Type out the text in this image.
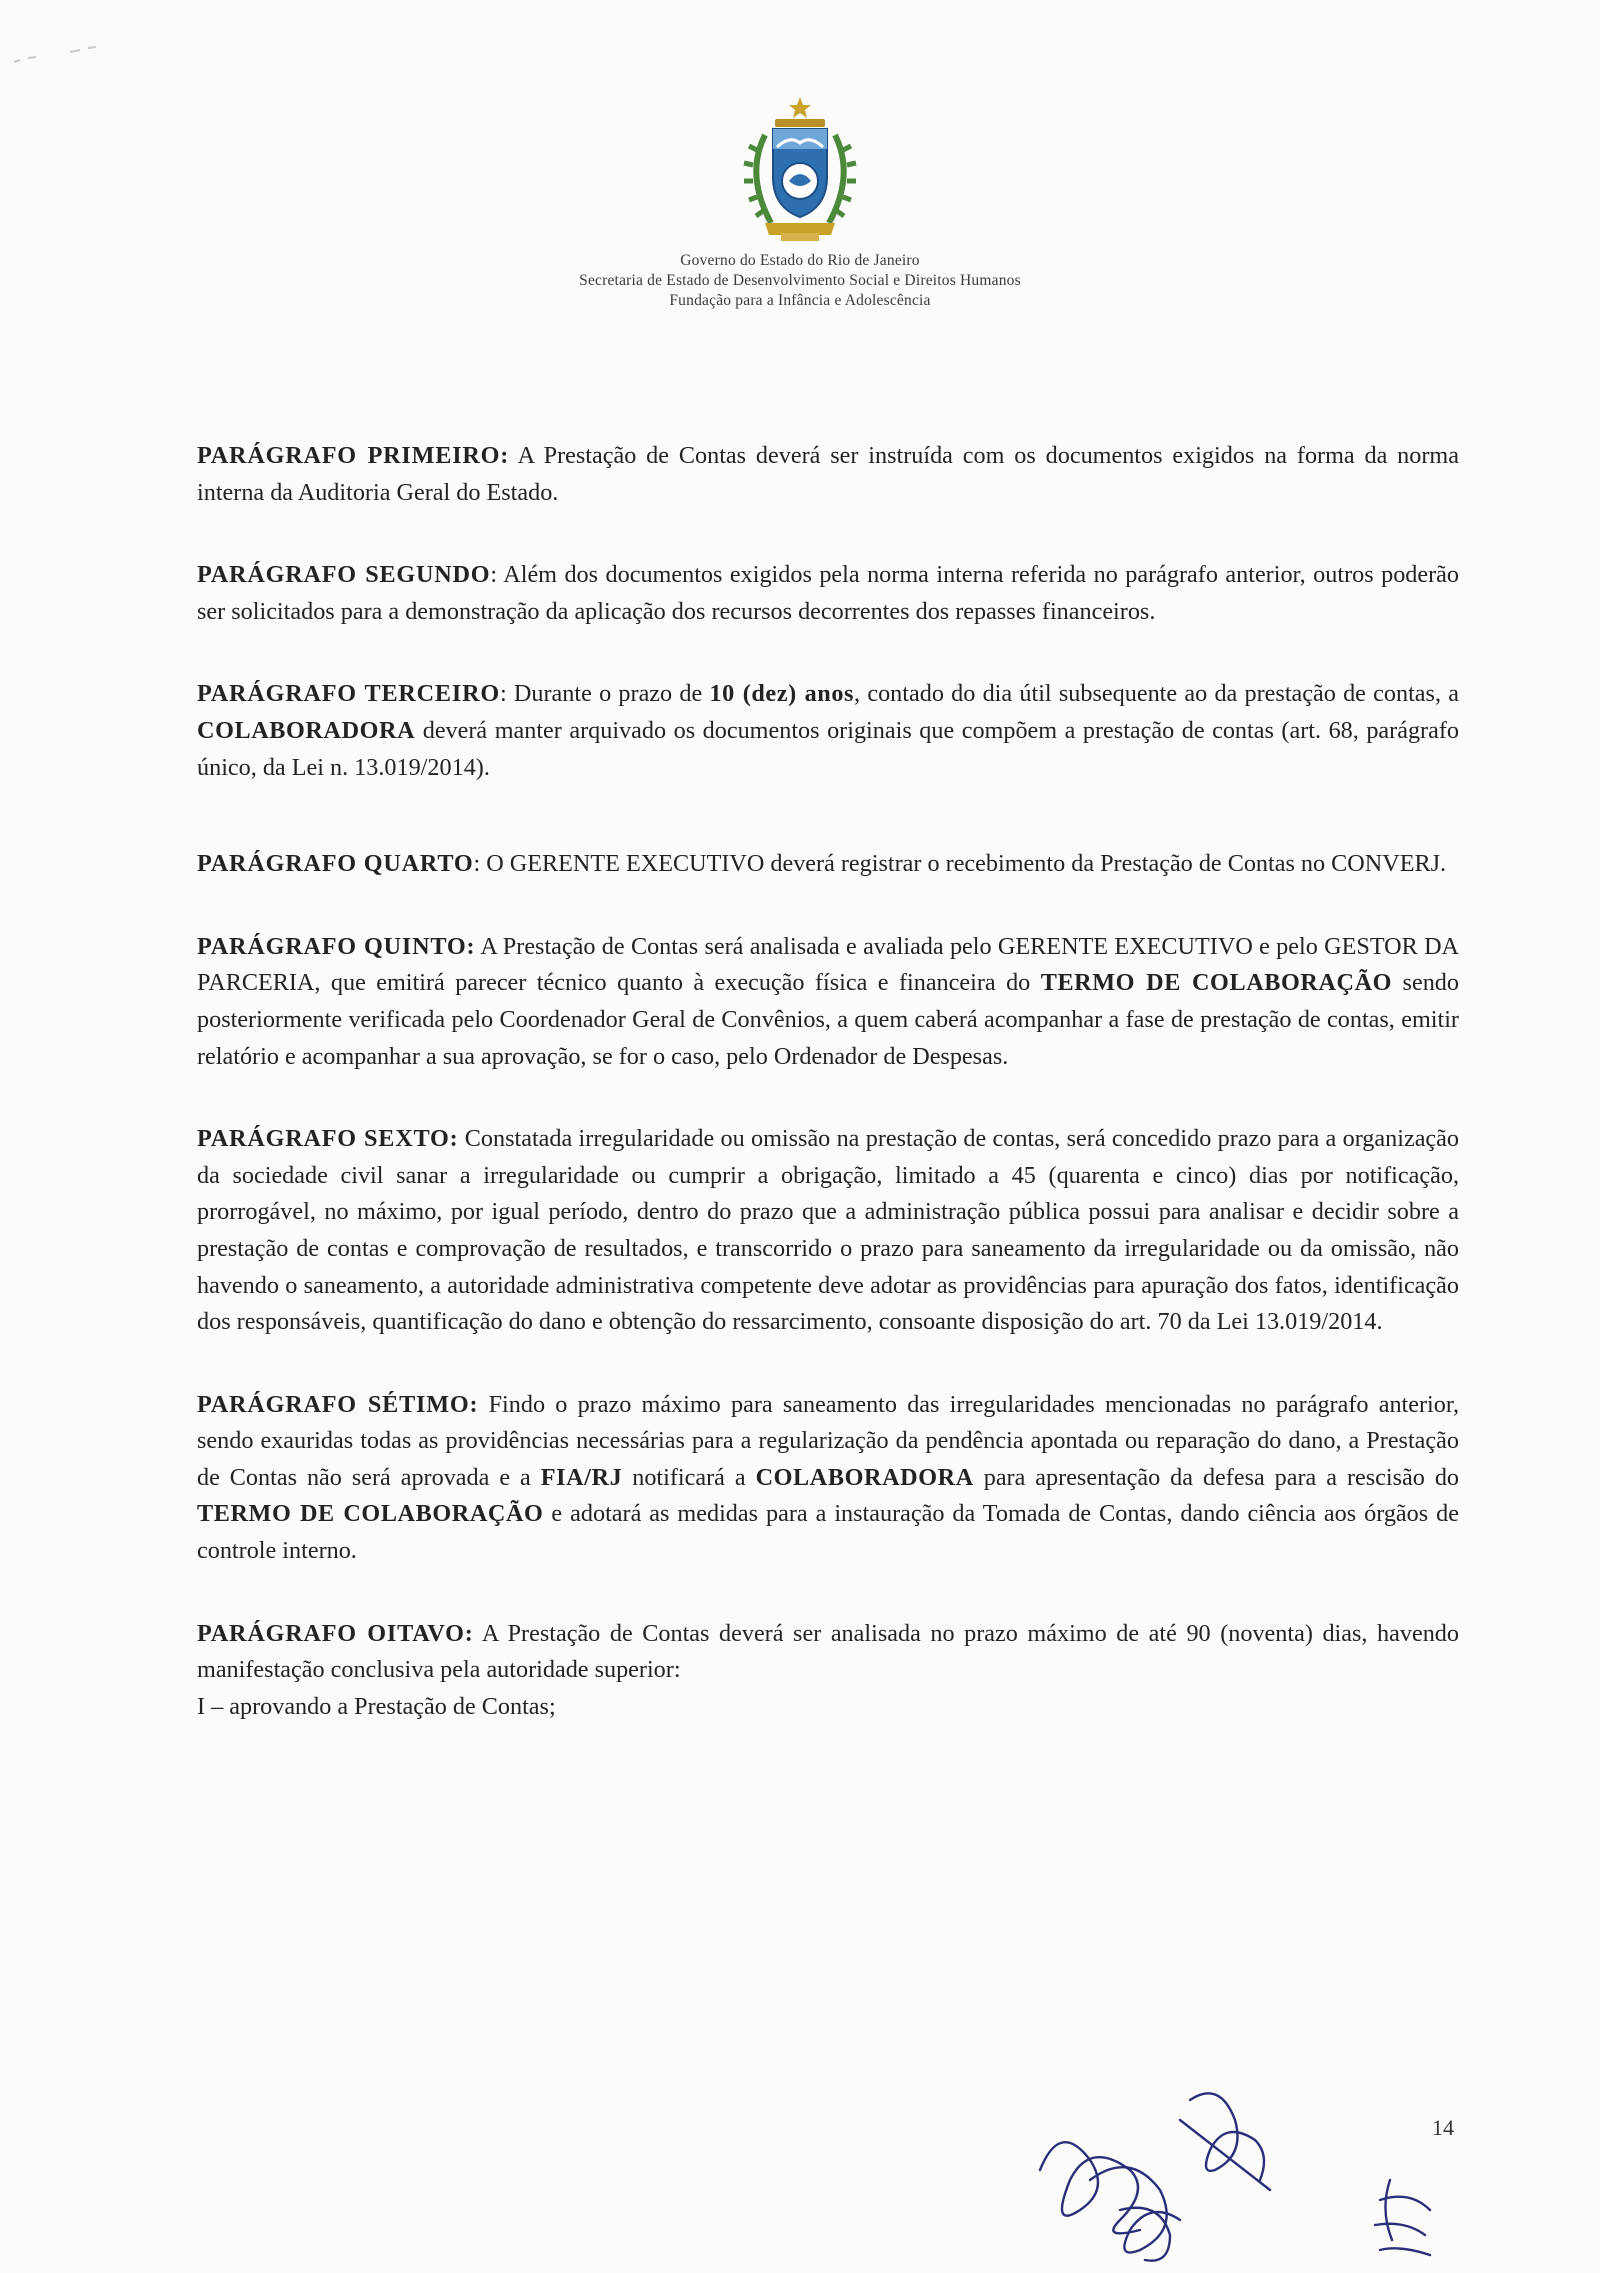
Governo do Estado do Rio de Janeiro
Secretaria de Estado de Desenvolvimento Social e Direitos Humanos
Fundação para a Infância e Adolescência

PARÁGRAFO PRIMEIRO: A Prestação de Contas deverá ser instruída com os documentos exigidos na forma da norma interna da Auditoria Geral do Estado.

PARÁGRAFO SEGUNDO: Além dos documentos exigidos pela norma interna referida no parágrafo anterior, outros poderão ser solicitados para a demonstração da aplicação dos recursos decorrentes dos repasses financeiros.

PARÁGRAFO TERCEIRO: Durante o prazo de 10 (dez) anos, contado do dia útil subsequente ao da prestação de contas, a COLABORADORA deverá manter arquivado os documentos originais que compõem a prestação de contas (art. 68, parágrafo único, da Lei n. 13.019/2014).

PARÁGRAFO QUARTO: O GERENTE EXECUTIVO deverá registrar o recebimento da Prestação de Contas no CONVERJ.

PARÁGRAFO QUINTO: A Prestação de Contas será analisada e avaliada pelo GERENTE EXECUTIVO e pelo GESTOR DA PARCERIA, que emitirá parecer técnico quanto à execução física e financeira do TERMO DE COLABORAÇÃO sendo posteriormente verificada pelo Coordenador Geral de Convênios, a quem caberá acompanhar a fase de prestação de contas, emitir relatório e acompanhar a sua aprovação, se for o caso, pelo Ordenador de Despesas.

PARÁGRAFO SEXTO: Constatada irregularidade ou omissão na prestação de contas, será concedido prazo para a organização da sociedade civil sanar a irregularidade ou cumprir a obrigação, limitado a 45 (quarenta e cinco) dias por notificação, prorrogável, no máximo, por igual período, dentro do prazo que a administração pública possui para analisar e decidir sobre a prestação de contas e comprovação de resultados, e transcorrido o prazo para saneamento da irregularidade ou da omissão, não havendo o saneamento, a autoridade administrativa competente deve adotar as providências para apuração dos fatos, identificação dos responsáveis, quantificação do dano e obtenção do ressarcimento, consoante disposição do art. 70 da Lei 13.019/2014.

PARÁGRAFO SÉTIMO: Findo o prazo máximo para saneamento das irregularidades mencionadas no parágrafo anterior, sendo exauridas todas as providências necessárias para a regularização da pendência apontada ou reparação do dano, a Prestação de Contas não será aprovada e a FIA/RJ notificará a COLABORADORA para apresentação da defesa para a rescisão do TERMO DE COLABORAÇÃO e adotará as medidas para a instauração da Tomada de Contas, dando ciência aos órgãos de controle interno.

PARÁGRAFO OITAVO: A Prestação de Contas deverá ser analisada no prazo máximo de até 90 (noventa) dias, havendo manifestação conclusiva pela autoridade superior:

I – aprovando a Prestação de Contas;

14
